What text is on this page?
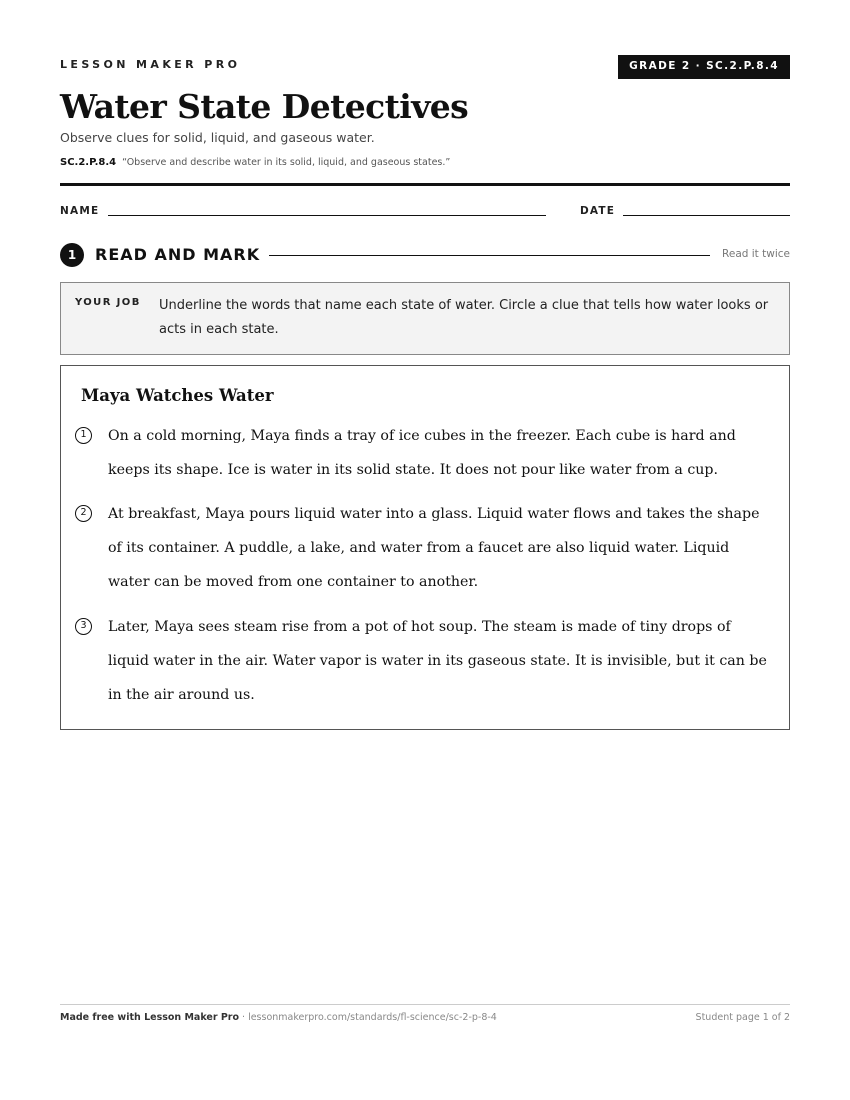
LESSON MAKER PRO	GRADE 2 · SC.2.P.8.4
Water State Detectives
Observe clues for solid, liquid, and gaseous water.
SC.2.P.8.4 “Observe and describe water in its solid, liquid, and gaseous states.”
NAME	DATE
1	READ AND MARK	Read it twice
YOUR JOB Underline the words that name each state of water. Circle a clue that tells how water looks or acts in each state.
Maya Watches Water
1	On a cold morning, Maya finds a tray of ice cubes in the freezer. Each cube is hard and keeps its shape. Ice is water in its solid state. It does not pour like water from a cup.
2	At breakfast, Maya pours liquid water into a glass. Liquid water flows and takes the shape of its container. A puddle, a lake, and water from a faucet are also liquid water. Liquid water can be moved from one container to another.
3	Later, Maya sees steam rise from a pot of hot soup. The steam is made of tiny drops of liquid water in the air. Water vapor is water in its gaseous state. It is invisible, but it can be in the air around us.
Made free with Lesson Maker Pro · lessonmakerpro.com/standards/fl-science/sc-2-p-8-4	Student page 1 of 2
